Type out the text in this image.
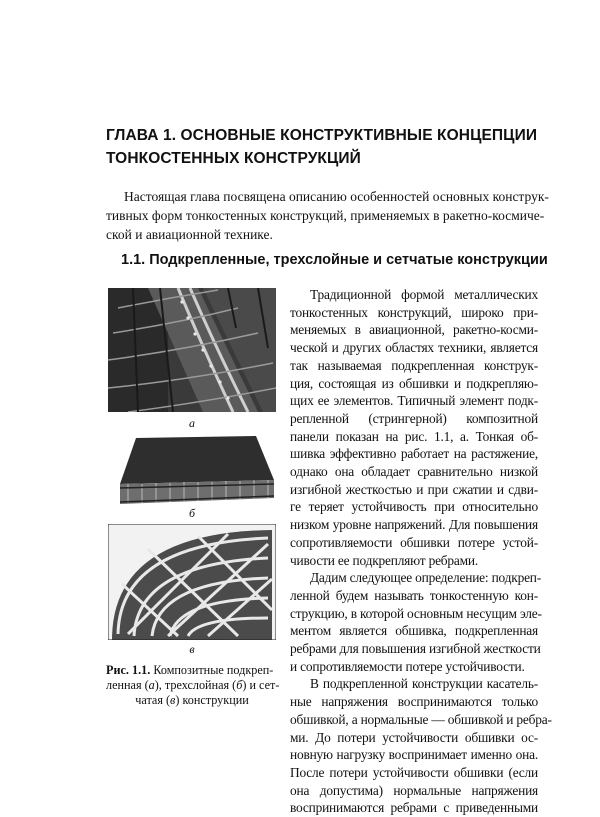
ГЛАВА 1. ОСНОВНЫЕ КОНСТРУКТИВНЫЕ КОНЦЕПЦИИ
ТОНКОСТЕННЫХ КОНСТРУКЦИЙ
Настоящая глава посвящена описанию особенностей основных конструк-
тивных форм тонкостенных конструкций, применяемых в ракетно-космиче-
ской и авиационной технике.
1.1. Подкрепленные, трехслойные и сетчатые конструкции
а
б
в
Рис. 1.1. Композитные подкреп-
ленная (а), трехслойная (б) и сет-
чатая (в) конструкции
Традиционной формой металлических
тонкостенных конструкций, широко при-
меняемых в авиационной, ракетно-косми-
ческой и других областях техники, является
так называемая подкрепленная конструк-
ция, состоящая из обшивки и подкрепляю-
щих ее элементов. Типичный элемент подк-
репленной (стрингерной) композитной
панели показан на рис. 1.1, а. Тонкая об-
шивка эффективно работает на растяжение,
однако она обладает сравнительно низкой
изгибной жесткостью и при сжатии и сдви-
ге теряет устойчивость при относительно
низком уровне напряжений. Для повышения
сопротивляемости обшивки потере устой-
чивости ее подкрепляют ребрами.
Дадим следующее определение: подкреп-
ленной будем называть тонкостенную кон-
струкцию, в которой основным несущим эле-
ментом является обшивка, подкрепленная
ребрами для повышения изгибной жесткости
и сопротивляемости потере устойчивости.
В подкрепленной конструкции касатель-
ные напряжения воспринимаются только
обшивкой, а нормальные — обшивкой и ребра-
ми. До потери устойчивости обшивки ос-
новную нагрузку воспринимает именно она.
После потери устойчивости обшивки (если
она допустима) нормальные напряжения
воспринимаются ребрами с приведенными
